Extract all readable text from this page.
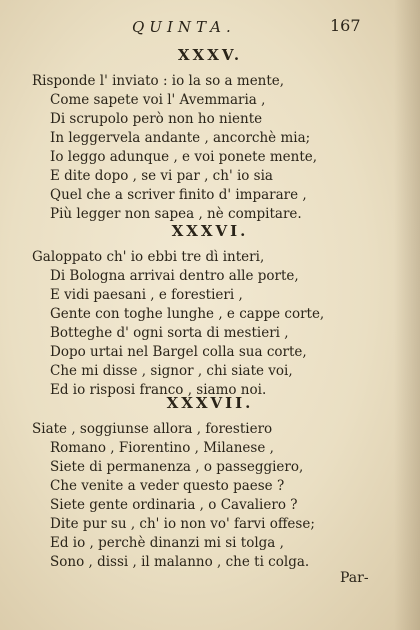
QUINTA.	167
XXXV.
Risponde l' inviato : io la so a mente,
Come sapete voi l' Avemmaria ,
Di scrupolo però non ho niente
In leggervela andante , ancorchè mia;
Io leggo adunque , e voi ponete mente,
E dite dopo , se vi par , ch' io sia
Quel che a scriver finito d' imparare ,
Più legger non sapea , nè compitare.
XXXVI.
Galoppato ch' io ebbi tre dì interi,
Di Bologna arrivai dentro alle porte,
E vidi paesani , e forestieri ,
Gente con toghe lunghe , e cappe corte,
Botteghe d' ogni sorta di mestieri ,
Dopo urtai nel Bargel colla sua corte,
Che mi disse , signor , chi siate voi,
Ed io risposi franco , siamo noi.
XXXVII.
Siate , soggiunse allora , forestiero
Romano , Fiorentino , Milanese ,
Siete di permanenza , o passeggiero,
Che venite a veder questo paese ?
Siete gente ordinaria , o Cavaliero ?
Dite pur su , ch' io non vo' farvi offese;
Ed io , perchè dinanzi mi si tolga ,
Sono , dissi , il malanno , che ti colga.
Par-
